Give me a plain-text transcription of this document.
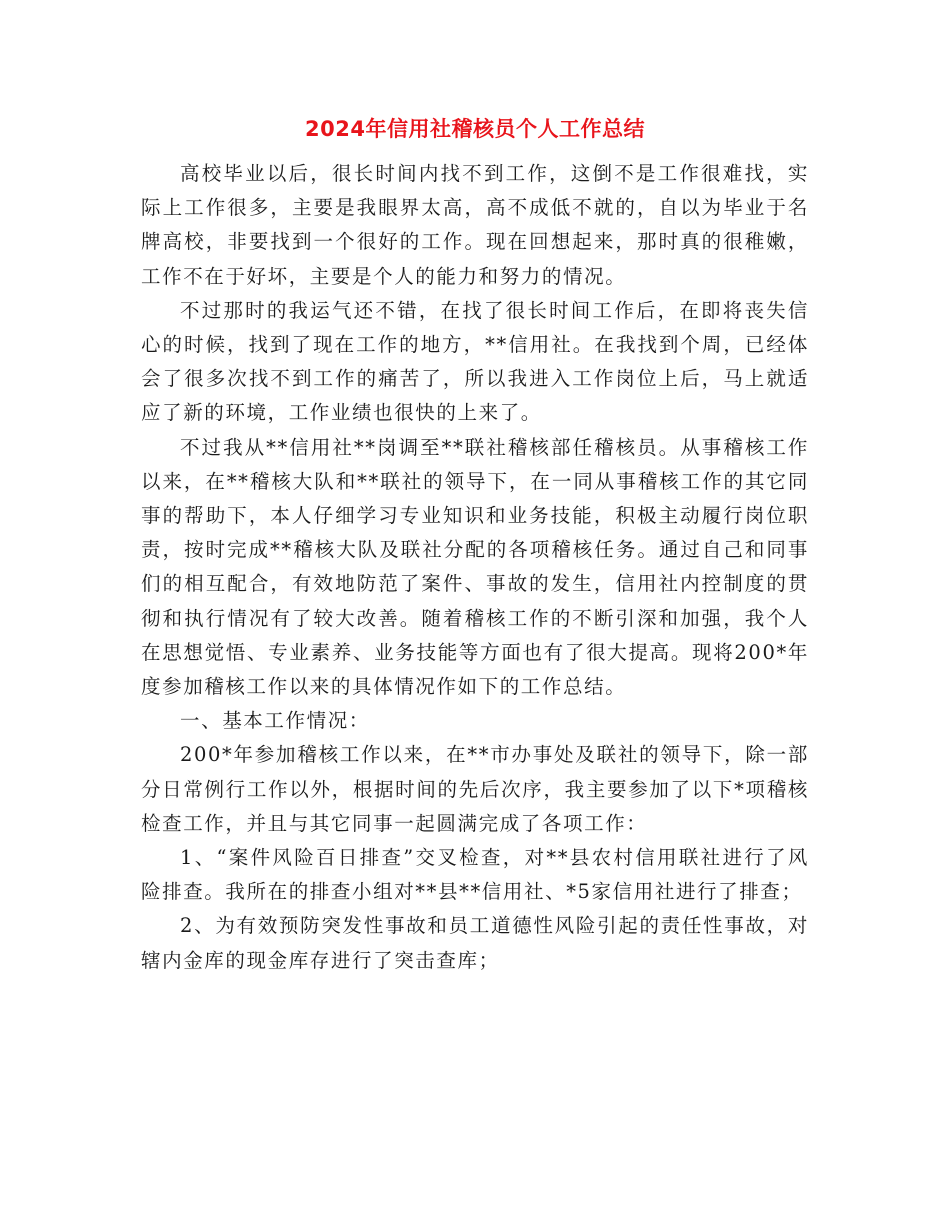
2024年信用社稽核员个人工作总结

高校毕业以后，很长时间内找不到工作，这倒不是工作很难找，实际上工作很多，主要是我眼界太高，高不成低不就的，自以为毕业于名牌高校，非要找到一个很好的工作。现在回想起来，那时真的很稚嫩，工作不在于好坏，主要是个人的能力和努力的情况。

不过那时的我运气还不错，在找了很长时间工作后，在即将丧失信心的时候，找到了现在工作的地方，**信用社。在我找到个周，已经体会了很多次找不到工作的痛苦了，所以我进入工作岗位上后，马上就适应了新的环境，工作业绩也很快的上来了。

不过我从**信用社**岗调至**联社稽核部任稽核员。从事稽核工作以来，在**稽核大队和**联社的领导下，在一同从事稽核工作的其它同事的帮助下，本人仔细学习专业知识和业务技能，积极主动履行岗位职责，按时完成**稽核大队及联社分配的各项稽核任务。通过自己和同事们的相互配合，有效地防范了案件、事故的发生，信用社内控制度的贯彻和执行情况有了较大改善。随着稽核工作的不断引深和加强，我个人在思想觉悟、专业素养、业务技能等方面也有了很大提高。现将200*年度参加稽核工作以来的具体情况作如下的工作总结。

一、基本工作情况：

200*年参加稽核工作以来，在**市办事处及联社的领导下，除一部分日常例行工作以外，根据时间的先后次序，我主要参加了以下*项稽核检查工作，并且与其它同事一起圆满完成了各项工作：

1、“案件风险百日排查”交叉检查，对**县农村信用联社进行了风险排查。我所在的排查小组对**县**信用社、*5家信用社进行了排查；

2、为有效预防突发性事故和员工道德性风险引起的责任性事故，对辖内金库的现金库存进行了突击查库；
